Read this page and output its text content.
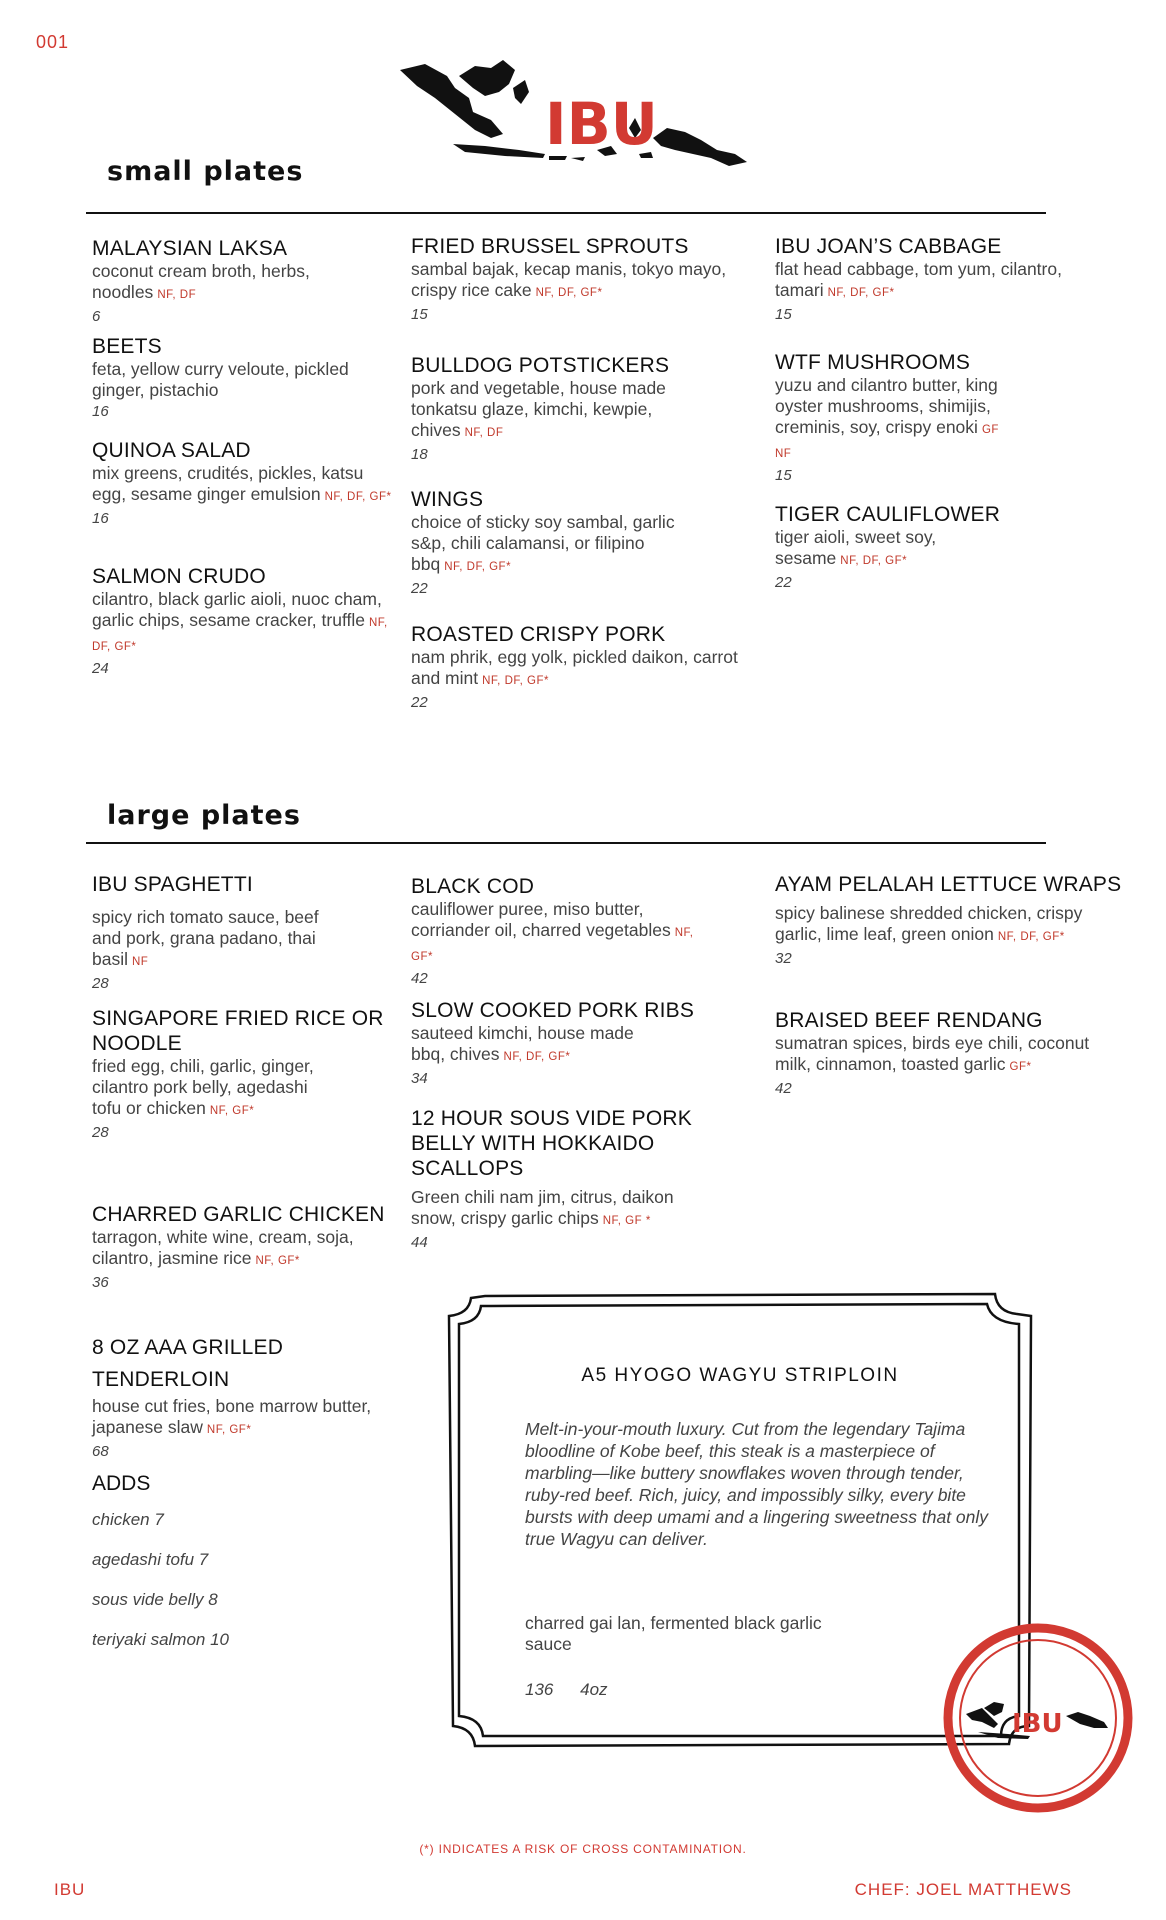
001
IBU
small plates
MALAYSIAN LAKSA
coconut cream broth, herbs, noodles NF, DF
6
BEETS
feta, yellow curry veloute, pickled ginger, pistachio
16
QUINOA SALAD
mix greens, crudités, pickles, katsu egg, sesame ginger emulsion NF, DF, GF*
16
SALMON CRUDO
cilantro, black garlic aioli, nuoc cham, garlic chips, sesame cracker, truffle NF, DF, GF*
24
FRIED BRUSSEL SPROUTS
sambal bajak, kecap manis, tokyo mayo, crispy rice cake NF, DF, GF*
15
BULLDOG POTSTICKERS
pork and vegetable, house made tonkatsu glaze, kimchi, kewpie, chives NF, DF
18
WINGS
choice of sticky soy sambal, garlic s&p, chili calamansi, or filipino bbq NF, DF, GF*
22
ROASTED CRISPY PORK
nam phrik, egg yolk, pickled daikon, carrot and mint NF, DF, GF*
22
IBU JOAN’S CABBAGE
flat head cabbage, tom yum, cilantro, tamari NF, DF, GF*
15
WTF MUSHROOMS
yuzu and cilantro butter, king oyster mushrooms, shimijis, creminis, soy, crispy enoki GF NF
15
TIGER CAULIFLOWER
tiger aioli, sweet soy, sesame NF, DF, GF*
22
large plates
IBU SPAGHETTI
spicy rich tomato sauce, beef and pork, grana padano, thai basil NF
28
SINGAPORE FRIED RICE OR NOODLE
fried egg, chili, garlic, ginger, cilantro pork belly, agedashi tofu or chicken NF, GF*
28
CHARRED GARLIC CHICKEN
tarragon, white wine, cream, soja, cilantro, jasmine rice NF, GF*
36
8 OZ AAA GRILLED TENDERLOIN
house cut fries, bone marrow butter, japanese slaw NF, GF*
68
ADDS
chicken 7
agedashi tofu 7
sous vide belly 8
teriyaki salmon 10
BLACK COD
cauliflower puree, miso butter, corriander oil, charred vegetables NF, GF*
42
SLOW COOKED PORK RIBS
sauteed kimchi, house made bbq, chives NF, DF, GF*
34
12 HOUR SOUS VIDE PORK BELLY WITH HOKKAIDO SCALLOPS
Green chili nam jim, citrus, daikon snow, crispy garlic chips NF, GF *
44
AYAM PELALAH LETTUCE WRAPS
spicy balinese shredded chicken, crispy garlic, lime leaf, green onion NF, DF, GF*
32
BRAISED BEEF RENDANG
sumatran spices, birds eye chili, coconut milk, cinnamon, toasted garlic GF*
42
A5 HYOGO WAGYU STRIPLOIN
Melt-in-your-mouth luxury. Cut from the legendary Tajima bloodline of Kobe beef, this steak is a masterpiece of marbling—like buttery snowflakes woven through tender, ruby-red beef. Rich, juicy, and impossibly silky, every bite bursts with deep umami and a lingering sweetness that only true Wagyu can deliver.
charred gai lan, fermented black garlic sauce
136 4oz
IBU
(*) INDICATES A RISK OF CROSS CONTAMINATION.
IBU	CHEF: JOEL MATTHEWS
